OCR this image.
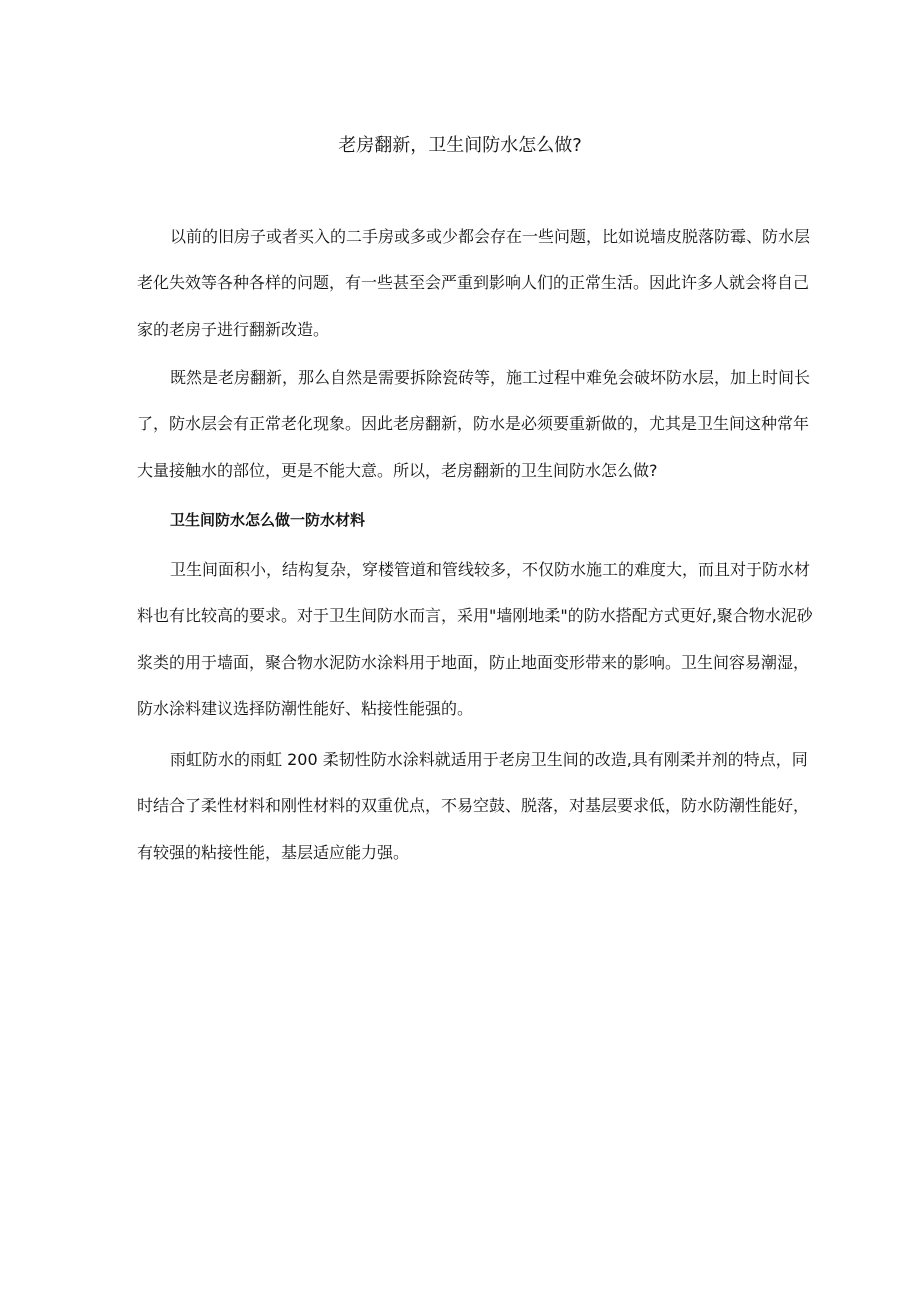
老房翻新，卫生间防水怎么做?
以前的旧房子或者买入的二手房或多或少都会存在一些问题，比如说墙皮脱落防霉、防水层
老化失效等各种各样的问题，有一些甚至会严重到影响人们的正常生活。因此许多人就会将自己
家的老房子进行翻新改造。
既然是老房翻新，那么自然是需要拆除瓷砖等，施工过程中难免会破坏防水层，加上时间长
了，防水层会有正常老化现象。因此老房翻新，防水是必须要重新做的，尤其是卫生间这种常年
大量接触水的部位，更是不能大意。所以，老房翻新的卫生间防水怎么做?
卫生间防水怎么做一防水材料
卫生间面积小，结构复杂，穿楼管道和管线较多，不仅防水施工的难度大，而且对于防水材
料也有比较高的要求。对于卫生间防水而言，采用"墙刚地柔"的防水搭配方式更好,聚合物水泥砂
浆类的用于墙面，聚合物水泥防水涂料用于地面，防止地面变形带来的影响。卫生间容易潮湿，
防水涂料建议选择防潮性能好、粘接性能强的。
雨虹防水的雨虹 200 柔韧性防水涂料就适用于老房卫生间的改造,具有刚柔并剂的特点，同
时结合了柔性材料和刚性材料的双重优点，不易空鼓、脱落，对基层要求低，防水防潮性能好，
有较强的粘接性能，基层适应能力强。
